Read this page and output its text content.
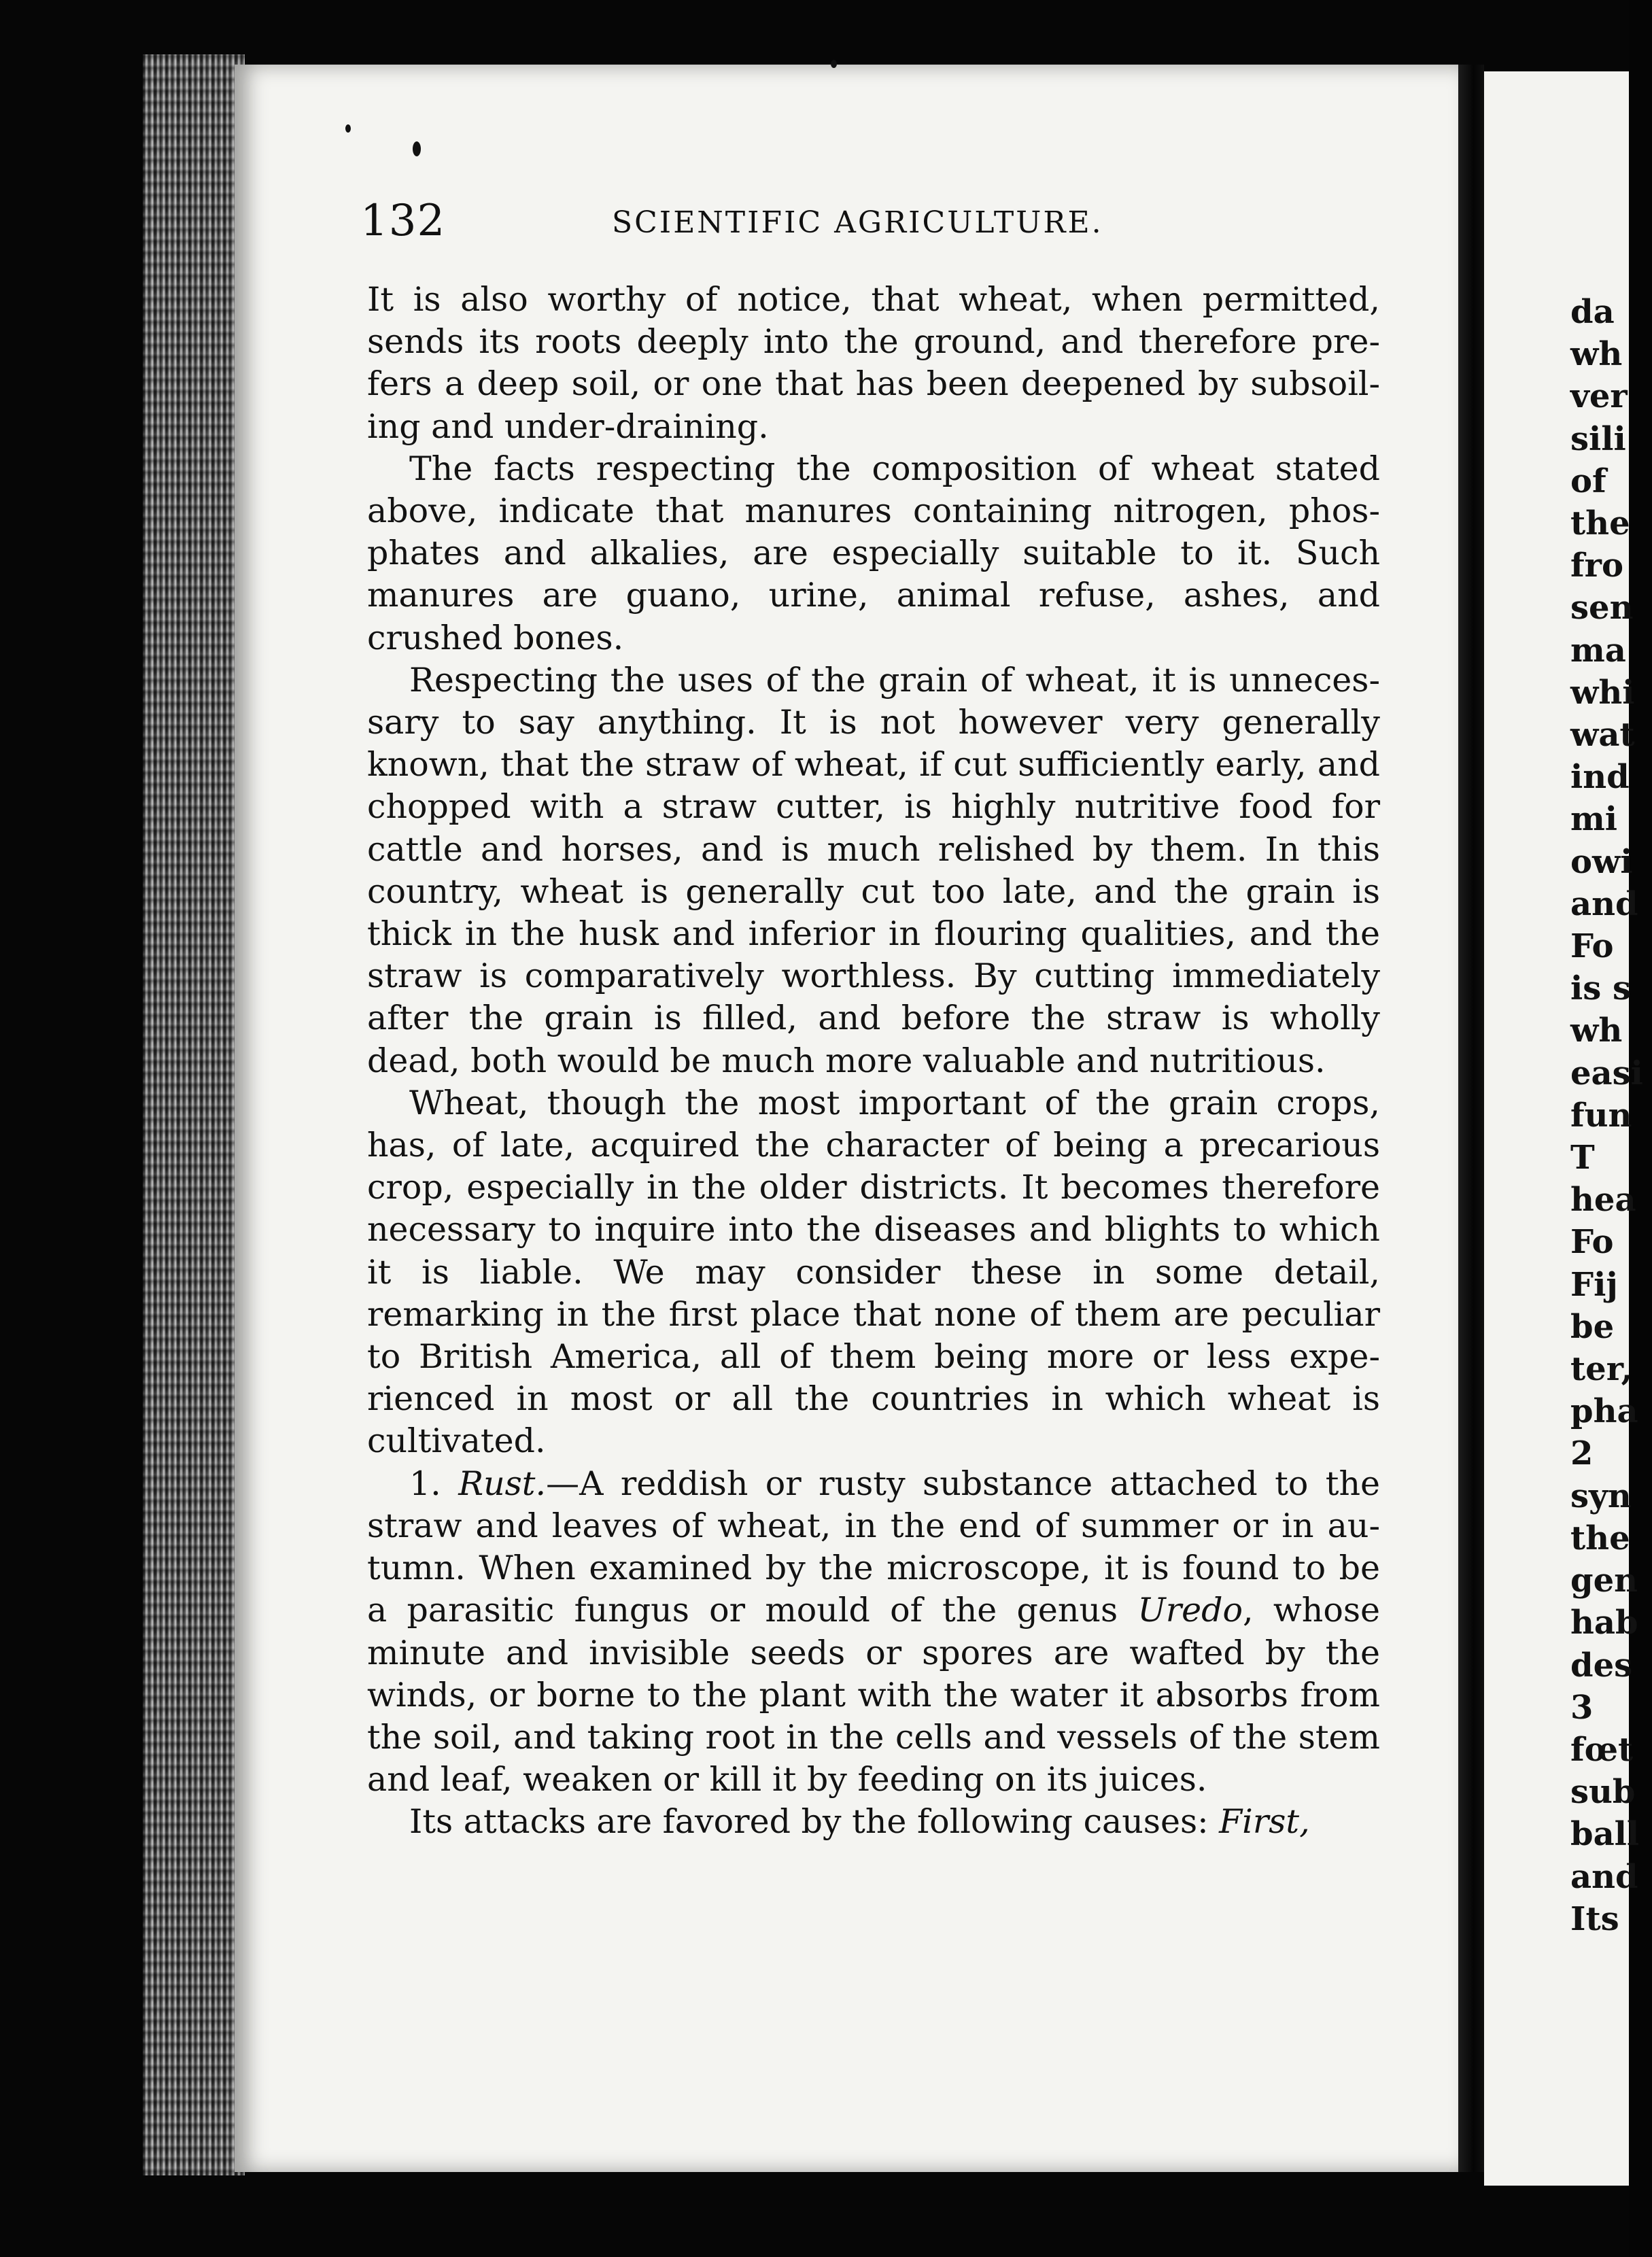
132	SCIENTIFIC AGRICULTURE.

It is also worthy of notice, that wheat, when permitted, sends its roots deeply into the ground, and therefore prefers a deep soil, or one that has been deepened by subsoiling and under-draining.

The facts respecting the composition of wheat stated above, indicate that manures containing nitrogen, phosphates and alkalies, are especially suitable to it. Such manures are guano, urine, animal refuse, ashes, and crushed bones.

Respecting the uses of the grain of wheat, it is unnecessary to say anything. It is not however very generally known, that the straw of wheat, if cut sufficiently early, and chopped with a straw cutter, is highly nutritive food for cattle and horses, and is much relished by them. In this country, wheat is generally cut too late, and the grain is thick in the husk and inferior in flouring qualities, and the straw is comparatively worthless. By cutting immediately after the grain is filled, and before the straw is wholly dead, both would be much more valuable and nutritious.

Wheat, though the most important of the grain crops, has, of late, acquired the character of being a precarious crop, especially in the older districts. It becomes therefore necessary to inquire into the diseases and blights to which it is liable. We may consider these in some detail, remarking in the first place that none of them are peculiar to British America, all of them being more or less experienced in most or all the countries in which wheat is cultivated.

1. Rust.—A reddish or rusty substance attached to the straw and leaves of wheat, in the end of summer or in autumn. When examined by the microscope, it is found to be a parasitic fungus or mould of the genus Uredo, whose minute and invisible seeds or spores are wafted by the winds, or borne to the plant with the water it absorbs from the soil, and taking root in the cells and vessels of the stem and leaf, weaken or kill it by feeding on its juices.

Its attacks are favored by the following causes: First,

da
wh
ver
sili
of
the
fro
sen
ma
whi
wat
ind
mi
owi
and
Fo
is s
wh
easi
fun
T
hea
Fo
Fij
be
ter,
pha
2
syn
the
gen
hab
des
3
fœt
sub
ball
and
Its
